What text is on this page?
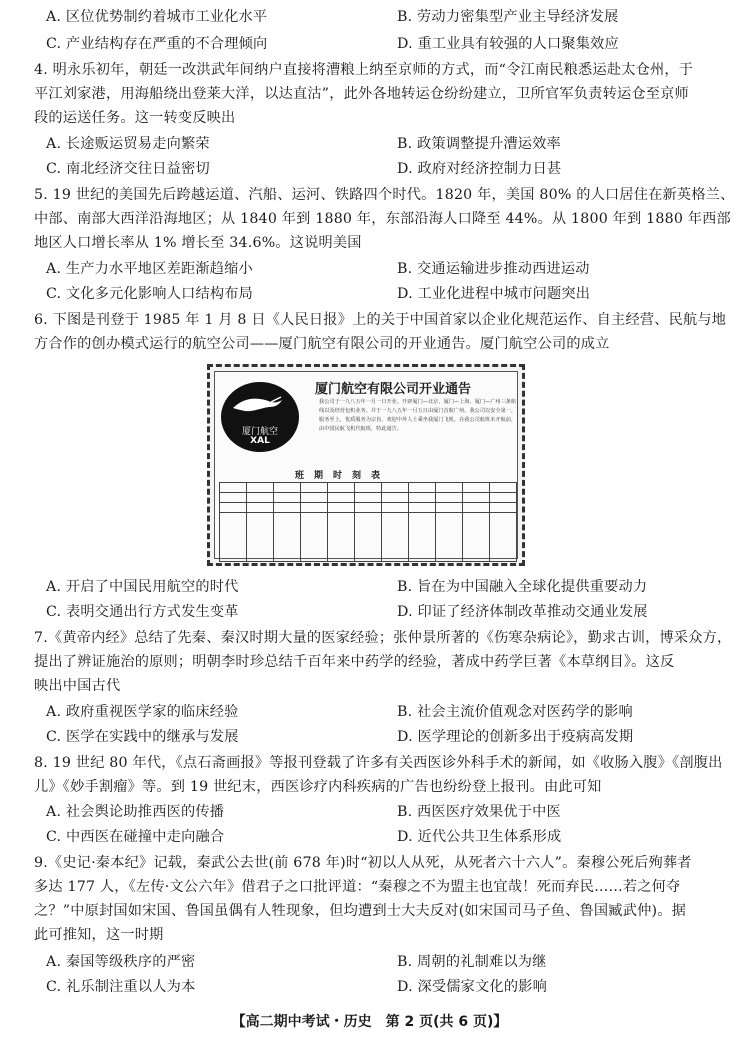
A. 区位优势制约着城市工业化水平	B. 劳动力密集型产业主导经济发展
C. 产业结构存在严重的不合理倾向	D. 重工业具有较强的人口聚集效应
4. 明永乐初年，朝廷一改洪武年间纳户直接将漕粮上纳至京师的方式，而“令江南民粮悉运赴太仓州，于
平江刘家港，用海船绕出登莱大洋，以达直沽”，此外各地转运仓纷纷建立，卫所官军负责转运仓至京师
段的运送任务。这一转变反映出
A. 长途贩运贸易走向繁荣	B. 政策调整提升漕运效率
C. 南北经济交往日益密切	D. 政府对经济控制力日甚
5. 19 世纪的美国先后跨越运道、汽船、运河、铁路四个时代。1820 年，美国 80% 的人口居住在新英格兰、
中部、南部大西洋沿海地区；从 1840 年到 1880 年，东部沿海人口降至 44%。从 1800 年到 1880 年西部
地区人口增长率从 1% 增长至 34.6%。这说明美国
A. 生产力水平地区差距渐趋缩小	B. 交通运输进步推动西进运动
C. 文化多元化影响人口结构布局	D. 工业化进程中城市问题突出
6. 下图是刊登于 1985 年 1 月 8 日《人民日报》上的关于中国首家以企业化规范运作、自主经营、民航与地
方合作的创办模式运行的航空公司——厦门航空有限公司的开业通告。厦门航空公司的成立
厦门航空
XAL
厦门航空有限公司开业通告
我公司于一九八五年一月一日开业。开辟厦门—北京、厦门—上海、厦门—广州三条航线以及经营包机业务。并于一九八五年一月五日由厦门首航广州。我公司以安全第一，服务至上，优质服务为宗旨，欢迎中外人士乘坐我厦门飞机。在我公司航班未开航前，由中国民航飞机代航班，特此通告。
班期时刻表

A. 开启了中国民用航空的时代	B. 旨在为中国融入全球化提供重要动力
C. 表明交通出行方式发生变革	D. 印证了经济体制改革推动交通业发展
7.《黄帝内经》总结了先秦、秦汉时期大量的医家经验；张仲景所著的《伤寒杂病论》，勤求古训，博采众方，
提出了辨证施治的原则；明朝李时珍总结千百年来中药学的经验，著成中药学巨著《本草纲目》。这反
映出中国古代
A. 政府重视医学家的临床经验	B. 社会主流价值观念对医药学的影响
C. 医学在实践中的继承与发展	D. 医学理论的创新多出于疫病高发期
8. 19 世纪 80 年代，《点石斋画报》等报刊登载了许多有关西医诊外科手术的新闻，如《收肠入腹》《剖腹出
儿》《妙手割瘤》等。到 19 世纪末，西医诊疗内科疾病的广告也纷纷登上报刊。由此可知
A. 社会舆论助推西医的传播	B. 西医医疗效果优于中医
C. 中西医在碰撞中走向融合	D. 近代公共卫生体系形成
9.《史记·秦本纪》记载，秦武公去世(前 678 年)时“初以人从死，从死者六十六人”。秦穆公死后殉葬者
多达 177 人，《左传·文公六年》借君子之口批评道：“秦穆之不为盟主也宜哉！死而弃民……若之何夺
之？”中原封国如宋国、鲁国虽偶有人牲现象，但均遭到士大夫反对(如宋国司马子鱼、鲁国臧武仲)。据
此可推知，这一时期
A. 秦国等级秩序的严密	B. 周朝的礼制难以为继
C. 礼乐制注重以人为本	D. 深受儒家文化的影响
【高二期中考试・历史　第 2 页(共 6 页)】
